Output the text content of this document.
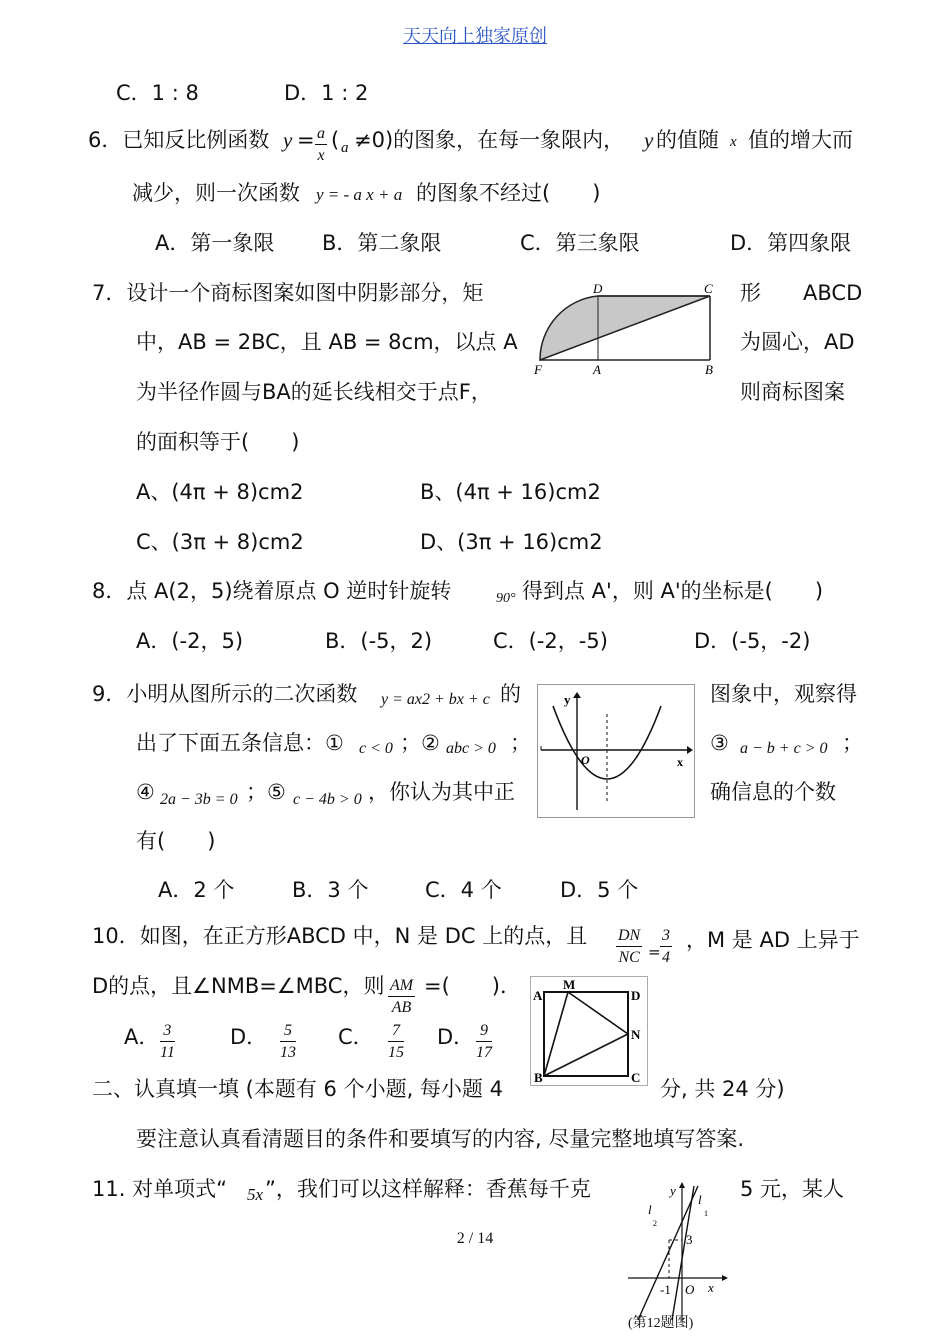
天天向上独家原创
C．1 : 8	D．1 : 2
6．已知反比例函数 $y = \frac{a}{x}$ ( a ≠0)的图象，在每一象限内， y 的值随 x 值的增大而
减少，则一次函数 y = - a x + a 的图象不经过(　　)
A．第一象限 B．第二象限	C．第三象限	D．第四象限
7．设计一个商标图案如图中阴影部分，矩	形　　ABCD
中，AB = 2BC，且 AB = 8cm，以点 A	为圆心，AD
为半径作圆与BA的延长线相交于点F，	则商标图案
的面积等于(　　)
D	C
F	A	B
A、(4π + 8)cm2	B、(4π + 16)cm2
C、(3π + 8)cm2	D、(3π + 16)cm2
8．点 A(2，5)绕着原点 O 逆时针旋转	90° 得到点 A'，则 A'的坐标是(　　)
A．(-2，5)	B．(-5，2)	C．(-2，-5)	D．(-5，-2)
9．小明从图所示的二次函数 y = ax2 + bx + c 的	图象中，观察得
出了下面五条信息：① c < 0 ；② abc > 0 ；	③ a − b + c > 0 ；
④ 2a − 3b = 0 ；⑤ c − 4b > 0 ，你认为其中正	确信息的个数
有(　　)
y
O	x
A．2 个	B．3 个	C．4 个	D．5 个
10．如图，在正方形ABCD 中，N 是 DC 上的点，且 $\frac{DN}{NC} = \frac{3}{4}$ ，M 是 AD 上异于
D的点，且∠NMB=∠MBC，则 $\frac{AM}{AB}$ =(　　)．
A． $\frac{3}{11}$	D． $\frac{5}{13}$ C． $\frac{7}{15}$ D． $\frac{9}{17}$
A
M
D
N
B	C
二、认真填一填 (本题有 6 个小题, 每小题 4	分, 共 24 分)
要注意认真看清题目的条件和要填写的内容, 尽量完整地填写答案.
11. 对单项式“ 5x ”，我们可以这样解释：香蕉每千克	5 元，某人
y
x
O
3
-1
l
1
l
2
(第12题图)
2 / 14
